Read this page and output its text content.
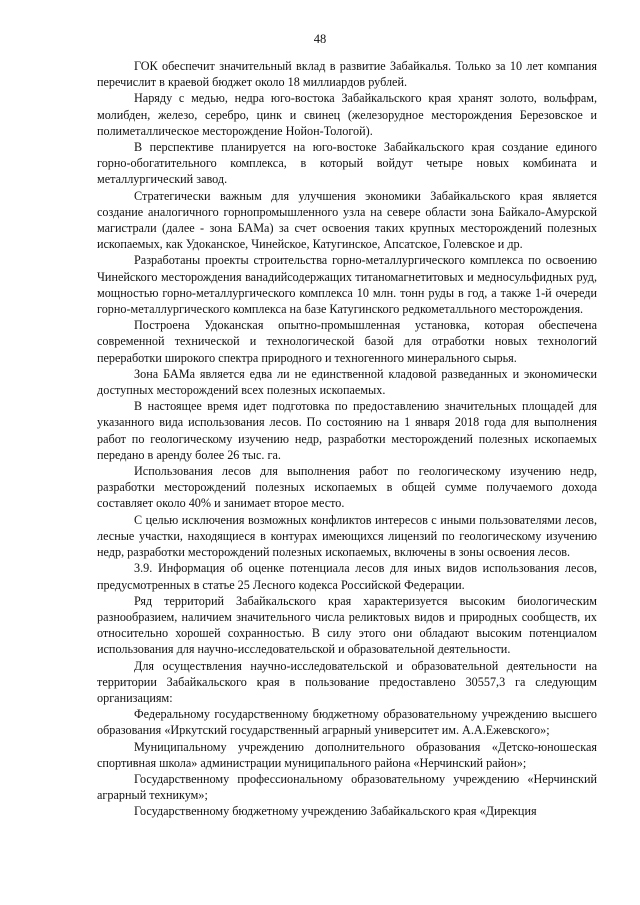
48

ГОК обеспечит значительный вклад в развитие Забайкалья. Только за 10 лет компания перечислит в краевой бюджет около 18 миллиардов рублей.

Наряду с медью, недра юго-востока Забайкальского края хранят золото, вольфрам, молибден, железо, серебро, цинк и свинец (железорудное месторождения Березовское и полиметаллическое месторождение Нойон-Тологой).

В перспективе планируется на юго-востоке Забайкальского края создание единого горно-обогатительного комплекса, в который войдут четыре новых комбината и металлургический завод.

Стратегически важным для улучшения экономики Забайкальского края является создание аналогичного горнопромышленного узла на севере области зона Байкало-Амурской магистрали (далее - зона БАМа) за счет освоения таких крупных месторождений полезных ископаемых, как Удоканское, Чинейское, Катугинское, Апсатское, Голевское и др.

Разработаны проекты строительства горно-металлургического комплекса по освоению Чинейского месторождения ванадийсодержащих титаномагнетитовых и медносульфидных руд, мощностью горно-металлургического комплекса 10 млн. тонн руды в год, а также 1-й очереди горно-металлургического комплекса на базе Катугинского редкометалльного месторождения.

Построена Удоканская опытно-промышленная установка, которая обеспечена современной технической и технологической базой для отработки новых технологий переработки широкого спектра природного и техногенного минерального сырья.

Зона БАМа является едва ли не единственной кладовой разведанных и экономически доступных месторождений всех полезных ископаемых.

В настоящее время идет подготовка по предоставлению значительных площадей для указанного вида использования лесов. По состоянию на 1 января 2018 года для выполнения работ по геологическому изучению недр, разработки месторождений полезных ископаемых передано в аренду более 26 тыс. га.

Использования лесов для выполнения работ по геологическому изучению недр, разработки месторождений полезных ископаемых в общей сумме получаемого дохода составляет около 40% и занимает второе место.

С целью исключения возможных конфликтов интересов с иными пользователями лесов, лесные участки, находящиеся в контурах имеющихся лицензий по геологическому изучению недр, разработки месторождений полезных ископаемых, включены в зоны освоения лесов.

3.9. Информация об оценке потенциала лесов для иных видов использования лесов, предусмотренных в статье 25 Лесного кодекса Российской Федерации.

Ряд территорий Забайкальского края характеризуется высоким биологическим разнообразием, наличием значительного числа реликтовых видов и природных сообществ, их относительно хорошей сохранностью. В силу этого они обладают высоким потенциалом использования для научно-исследовательской и образовательной деятельности.

Для осуществления научно-исследовательской и образовательной деятельности на территории Забайкальского края в пользование предоставлено 30557,3 га следующим организациям:

Федеральному государственному бюджетному образовательному учреждению высшего образования «Иркутский государственный аграрный университет им. А.А.Ежевского»;

Муниципальному учреждению дополнительного образования «Детско-юношеская спортивная школа» администрации муниципального района «Нерчинский район»;

Государственному профессиональному образовательному учреждению «Нерчинский аграрный техникум»;

Государственному бюджетному учреждению Забайкальского края «Дирекция
